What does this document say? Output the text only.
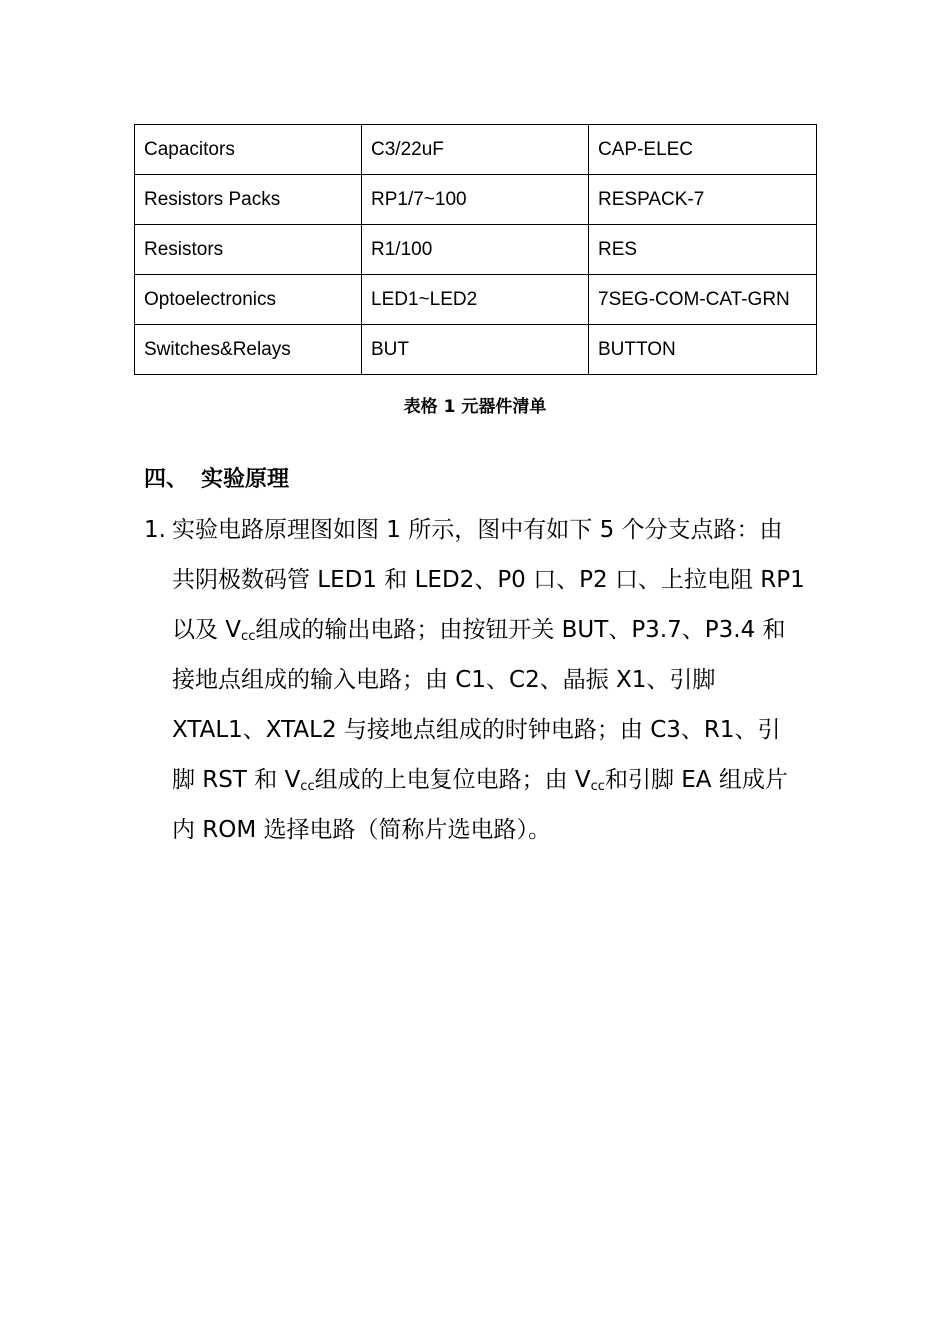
Capacitors	C3/22uF	CAP-ELEC
Resistors Packs	RP1/7~100	RESPACK-7
Resistors	R1/100	RES
Optoelectronics	LED1~LED2	7SEG-COM-CAT-GRN
Switches&Relays	BUT	BUTTON
表格 1 元器件清单
四、 实验原理
1. 实验电路原理图如图 1 所示，图中有如下 5 个分支点路：由
共阴极数码管 LED1 和 LED2、P0 口、P2 口、上拉电阻 RP1
以及 $V_{cc}$组成的输出电路；由按钮开关 BUT、P3.7、P3.4 和
接地点组成的输入电路；由 C1、C2、晶振 X1、引脚
XTAL1、XTAL2 与接地点组成的时钟电路；由 C3、R1、引
脚 RST 和 $V_{cc}$组成的上电复位电路；由 $V_{cc}$和引脚 EA 组成片
内 ROM 选择电路（简称片选电路）。
